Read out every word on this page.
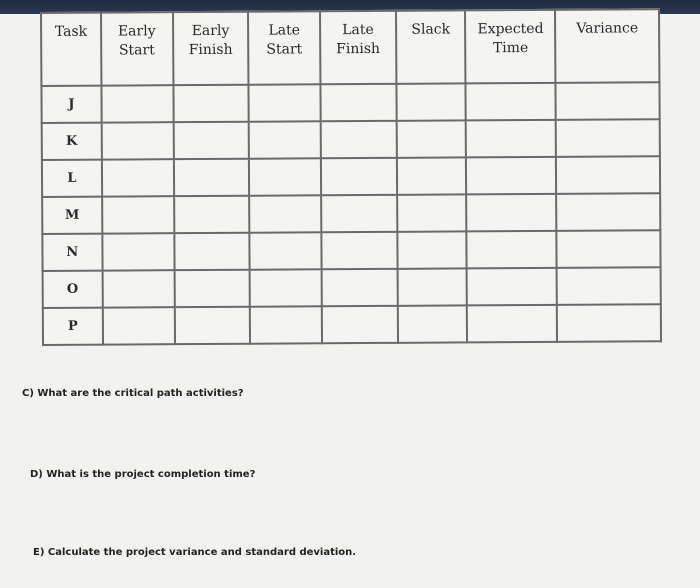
Task	Early Start	Early Finish	Late Start	Late Finish	Slack	Expected Time	Variance
J							
K							
L							
M							
N							
O							
P							
C) What are the critical path activities?
D) What is the project completion time?
E) Calculate the project variance and standard deviation.
